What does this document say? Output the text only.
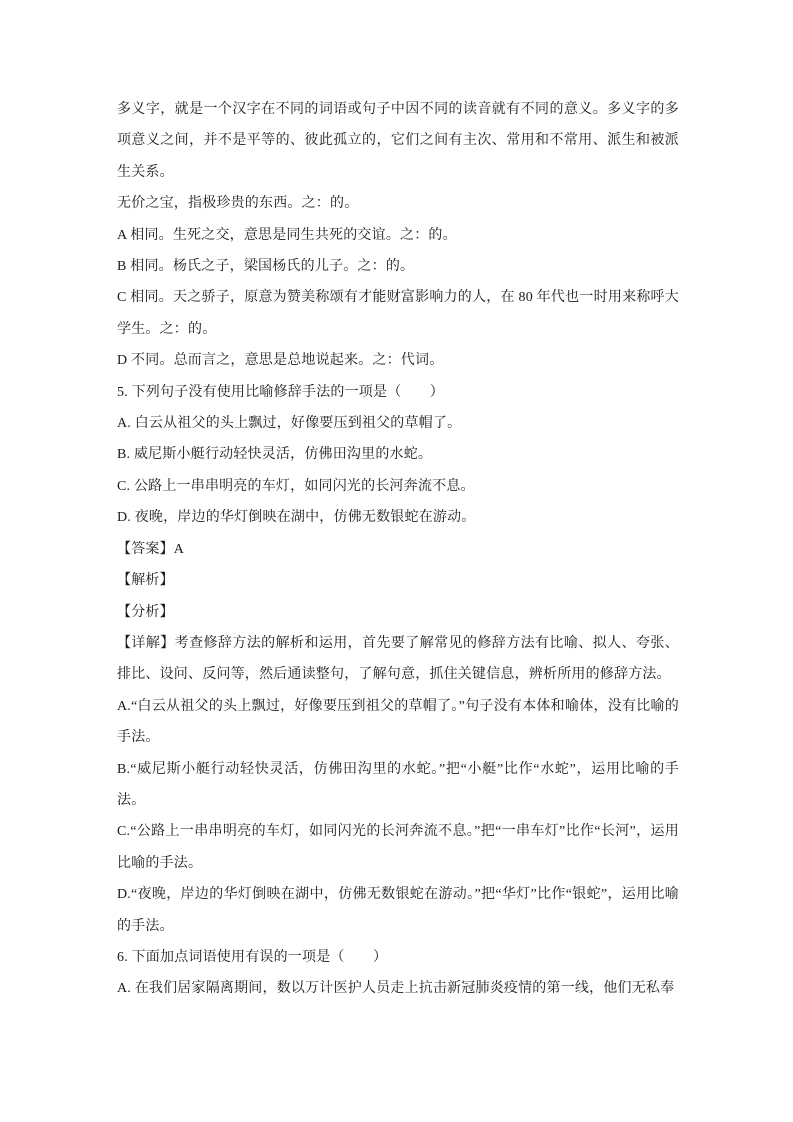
多义字，就是一个汉字在不同的词语或句子中因不同的读音就有不同的意义。多义字的多项意义之间，并不是平等的、彼此孤立的，它们之间有主次、常用和不常用、派生和被派生关系。

无价之宝，指极珍贵的东西。之：的。

A 相同。生死之交，意思是同生共死的交谊。之：的。

B 相同。杨氏之子，梁国杨氏的儿子。之：的。

C 相同。天之骄子，原意为赞美称颂有才能财富影响力的人，在 80 年代也一时用来称呼大学生。之：的。

D 不同。总而言之，意思是总地说起来。之：代词。

5. 下列句子没有使用比喻修辞手法的一项是（　　）

A. 白云从祖父的头上飘过，好像要压到祖父的草帽了。

B. 威尼斯小艇行动轻快灵活，仿佛田沟里的水蛇。

C. 公路上一串串明亮的车灯，如同闪光的长河奔流不息。

D. 夜晚，岸边的华灯倒映在湖中，仿佛无数银蛇在游动。

【答案】A

【解析】

【分析】

【详解】考查修辞方法的解析和运用，首先要了解常见的修辞方法有比喻、拟人、夸张、排比、设问、反问等，然后通读整句，了解句意，抓住关键信息，辨析所用的修辞方法。

A.“白云从祖父的头上飘过，好像要压到祖父的草帽了。”句子没有本体和喻体，没有比喻的手法。

B.“威尼斯小艇行动轻快灵活，仿佛田沟里的水蛇。”把“小艇”比作“水蛇”，运用比喻的手法。

C.“公路上一串串明亮的车灯，如同闪光的长河奔流不息。”把“一串车灯”比作“长河”，运用比喻的手法。

D.“夜晚，岸边的华灯倒映在湖中，仿佛无数银蛇在游动。”把“华灯”比作“银蛇”，运用比喻的手法。

6. 下面加点词语使用有误的一项是（　　）

A. 在我们居家隔离期间，数以万计医护人员走上抗击新冠肺炎疫情的第一线，他们无私奉
